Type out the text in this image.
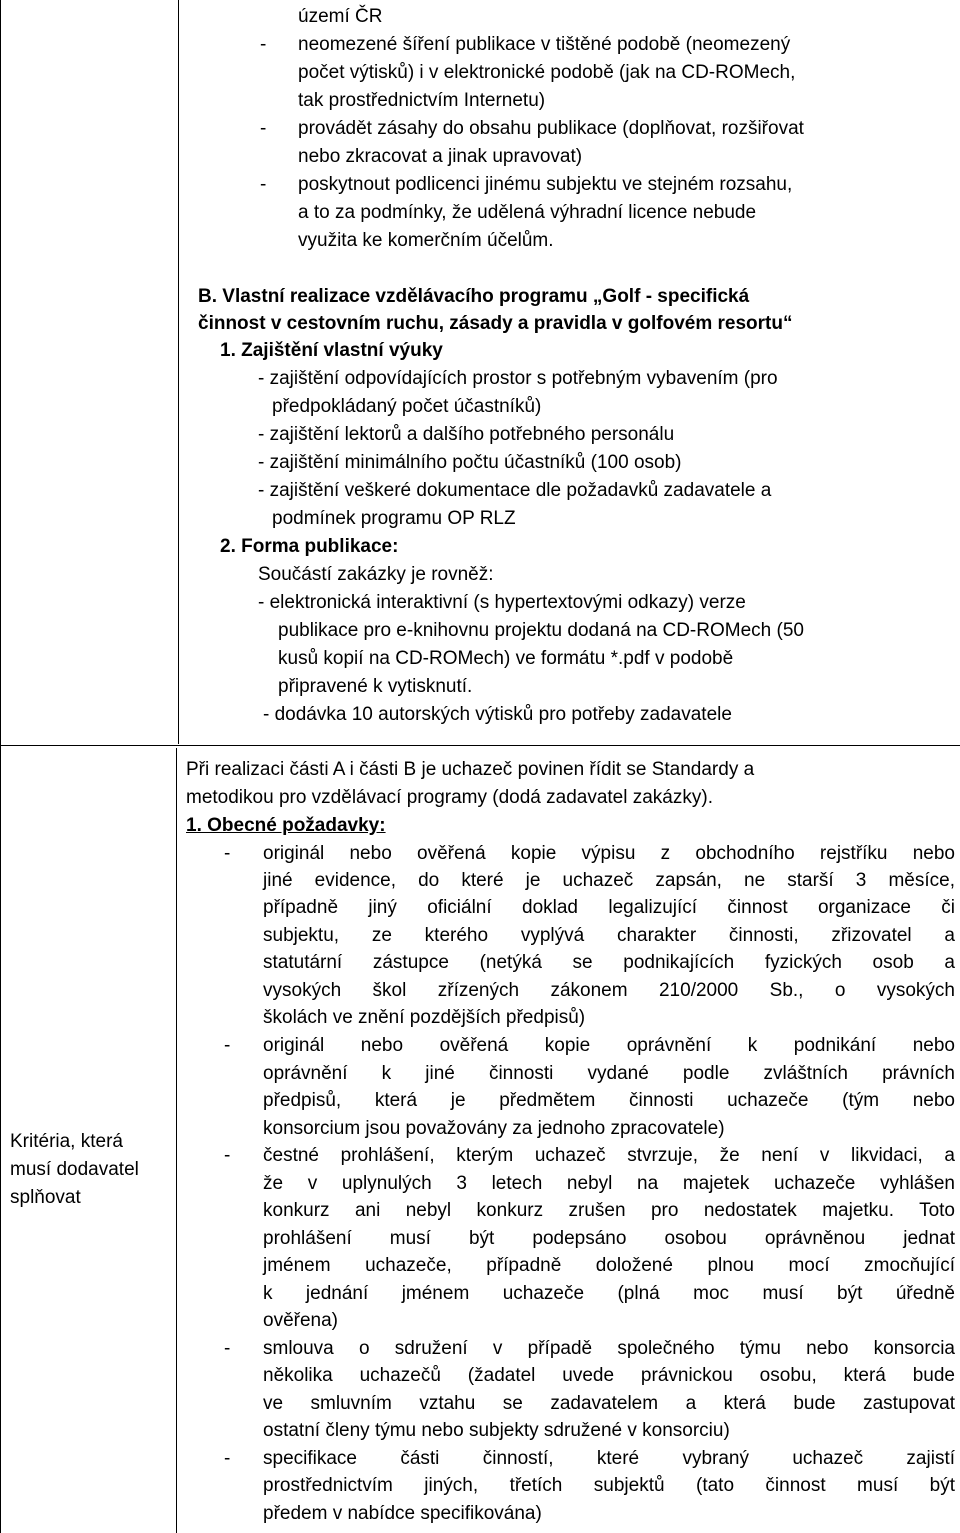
území ČR
- neomezené šíření publikace v tištěné podobě (neomezený
počet výtisků) i v elektronické podobě (jak na CD-ROMech,
tak prostřednictvím Internetu)
- provádět zásahy do obsahu publikace (doplňovat, rozšiřovat
nebo zkracovat a jinak upravovat)
- poskytnout podlicenci jinému subjektu ve stejném rozsahu,
a to za podmínky, že udělená výhradní licence nebude
využita ke komerčním účelům.
B. Vlastní realizace vzdělávacího programu „Golf - specifická
činnost v cestovním ruchu, zásady a pravidla v golfovém resortu“
1. Zajištění vlastní výuky
- zajištění odpovídajících prostor s potřebným vybavením (pro
předpokládaný počet účastníků)
- zajištění lektorů a dalšího potřebného personálu
- zajištění minimálního počtu účastníků (100 osob)
- zajištění veškeré dokumentace dle požadavků zadavatele a
podmínek programu OP RLZ
2. Forma publikace:
Součástí zakázky je rovněž:
- elektronická interaktivní (s hypertextovými odkazy) verze
publikace pro e-knihovnu projektu dodaná na CD-ROMech (50
kusů kopií na CD-ROMech) ve formátu *.pdf v podobě
připravené k vytisknutí.
- dodávka 10 autorských výtisků pro potřeby zadavatele
Kritéria, která
musí dodavatel
splňovat
Při realizaci části A i části B je uchazeč povinen řídit se Standardy a
metodikou pro vzdělávací programy (dodá zadavatel zakázky).
1. Obecné požadavky:
- originál nebo ověřená kopie výpisu z obchodního rejstříku nebo
jiné evidence, do které je uchazeč zapsán, ne starší 3 měsíce,
případně jiný oficiální doklad legalizující činnost organizace či
subjektu, ze kterého vyplývá charakter činnosti, zřizovatel a
statutární zástupce (netýká se podnikajících fyzických osob a
vysokých škol zřízených zákonem 210/2000 Sb., o vysokých
školách ve znění pozdějších předpisů)
- originál nebo ověřená kopie oprávnění k podnikání nebo
oprávnění k jiné činnosti vydané podle zvláštních právních
předpisů, která je předmětem činnosti uchazeče (tým nebo
konsorcium jsou považovány za jednoho zpracovatele)
- čestné prohlášení, kterým uchazeč stvrzuje, že není v likvidaci, a
že v uplynulých 3 letech nebyl na majetek uchazeče vyhlášen
konkurz ani nebyl konkurz zrušen pro nedostatek majetku. Toto
prohlášení musí být podepsáno osobou oprávněnou jednat
jménem uchazeče, případně doložené plnou mocí zmocňující
k jednání jménem uchazeče (plná moc musí být úředně
ověřena)
- smlouva o sdružení v případě společného týmu nebo konsorcia
několika uchazečů (žadatel uvede právnickou osobu, která bude
ve smluvním vztahu se zadavatelem a která bude zastupovat
ostatní členy týmu nebo subjekty sdružené v konsorciu)
- specifikace části činností, které vybraný uchazeč zajistí
prostřednictvím jiných, třetích subjektů (tato činnost musí být
předem v nabídce specifikována)
